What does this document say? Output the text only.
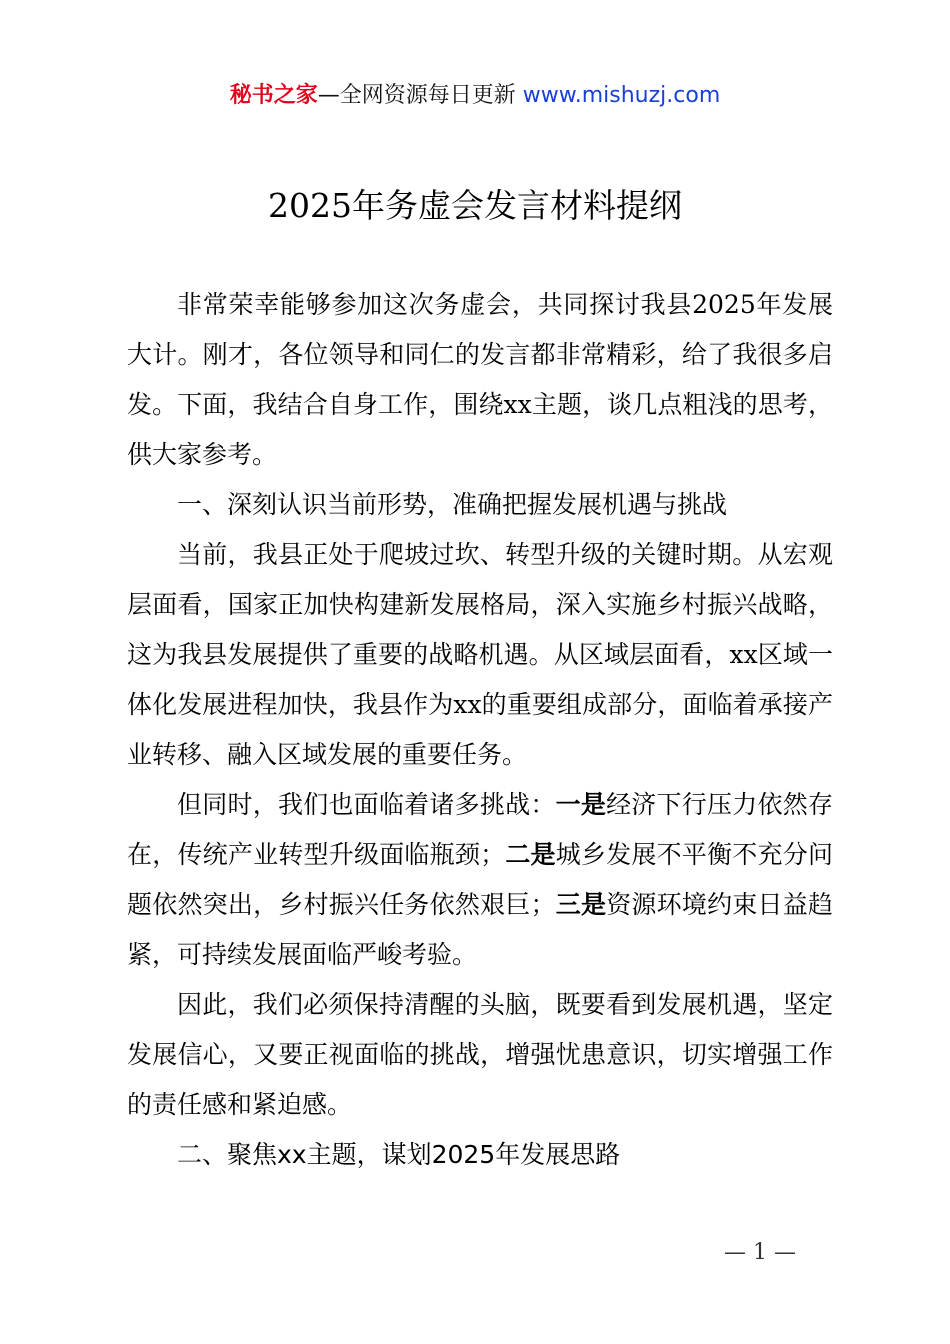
秘书之家—全网资源每日更新 www.mishuzj.com
2025年务虚会发言材料提纲

非常荣幸能够参加这次务虚会，共同探讨我县2025年发展大计。刚才，各位领导和同仁的发言都非常精彩，给了我很多启发。下面，我结合自身工作，围绕xx主题，谈几点粗浅的思考，供大家参考。

一、深刻认识当前形势，准确把握发展机遇与挑战

当前，我县正处于爬坡过坎、转型升级的关键时期。从宏观层面看，国家正加快构建新发展格局，深入实施乡村振兴战略，这为我县发展提供了重要的战略机遇。从区域层面看，xx区域一体化发展进程加快，我县作为xx的重要组成部分，面临着承接产业转移、融入区域发展的重要任务。

但同时，我们也面临着诸多挑战：一是经济下行压力依然存在，传统产业转型升级面临瓶颈；二是城乡发展不平衡不充分问题依然突出，乡村振兴任务依然艰巨；三是资源环境约束日益趋紧，可持续发展面临严峻考验。

因此，我们必须保持清醒的头脑，既要看到发展机遇，坚定发展信心，又要正视面临的挑战，增强忧患意识，切实增强工作的责任感和紧迫感。

二、聚焦xx主题，谋划2025年发展思路

— 1 —
